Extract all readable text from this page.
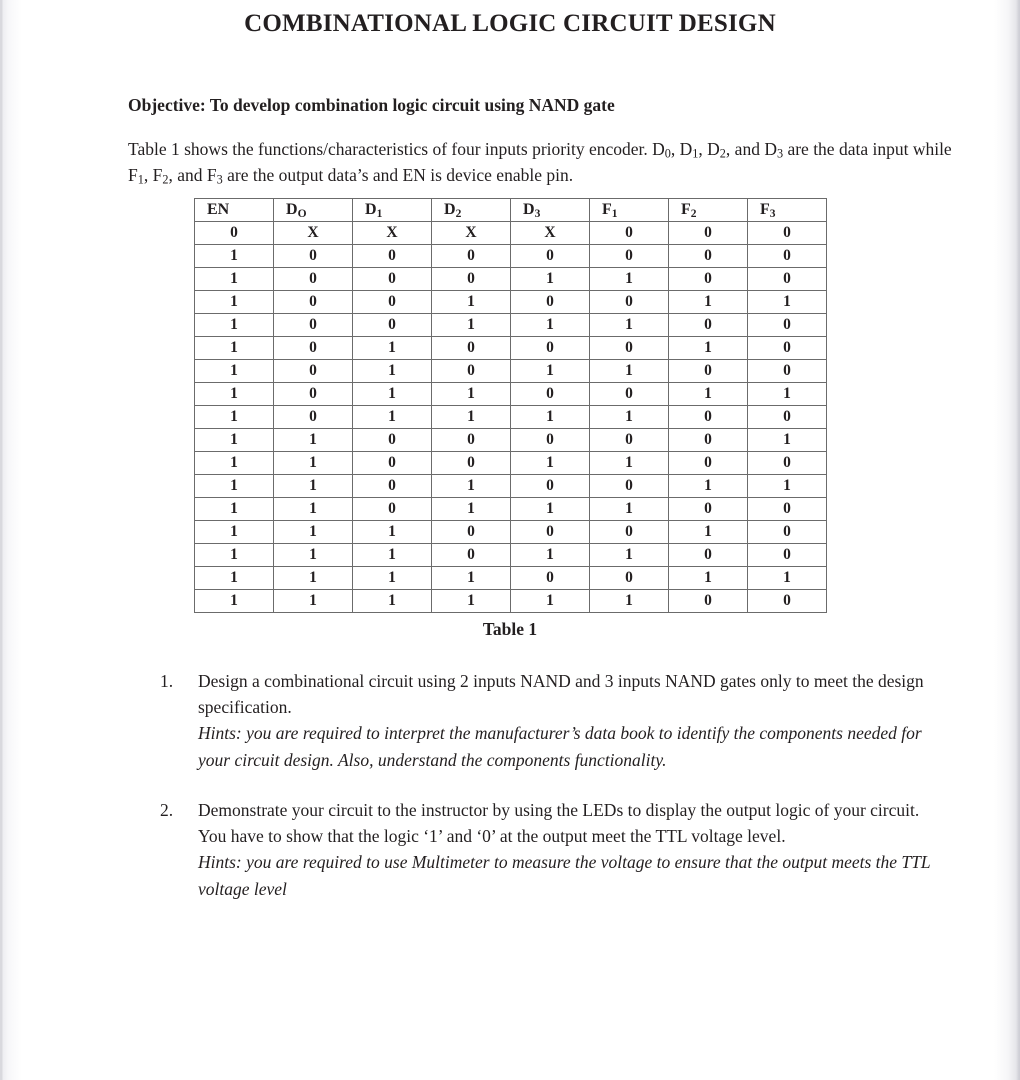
COMBINATIONAL LOGIC CIRCUIT DESIGN

Objective: To develop combination logic circuit using NAND gate

Table 1 shows the functions/characteristics of four inputs priority encoder. $D_0$, $D_1$, $D_2$, and $D_3$ are the data input while $F_1$, $F_2$, and $F_3$ are the output data’s and EN is device enable pin.

EN	$D_O$	$D_1$	$D_2$	$D_3$	$F_1$	$F_2$	$F_3$
0	X	X	X	X	0	0	0
1	0	0	0	0	0	0	0
1	0	0	0	1	1	0	0
1	0	0	1	0	0	1	1
1	0	0	1	1	1	0	0
1	0	1	0	0	0	1	0
1	0	1	0	1	1	0	0
1	0	1	1	0	0	1	1
1	0	1	1	1	1	0	0
1	1	0	0	0	0	0	1
1	1	0	0	1	1	0	0
1	1	0	1	0	0	1	1
1	1	0	1	1	1	0	0
1	1	1	0	0	0	1	0
1	1	1	0	1	1	0	0
1	1	1	1	0	0	1	1
1	1	1	1	1	1	0	0
Table 1
1. Design a combinational circuit using 2 inputs NAND and 3 inputs NAND gates only to meet the design specification.

Hints: you are required to interpret the manufacturer’s data book to identify the components needed for your circuit design. Also, understand the components functionality.

2. Demonstrate your circuit to the instructor by using the LEDs to display the output logic of your circuit. You have to show that the logic ‘1’ and ‘0’ at the output meet the TTL voltage level.

Hints: you are required to use Multimeter to measure the voltage to ensure that the output meets the TTL voltage level
